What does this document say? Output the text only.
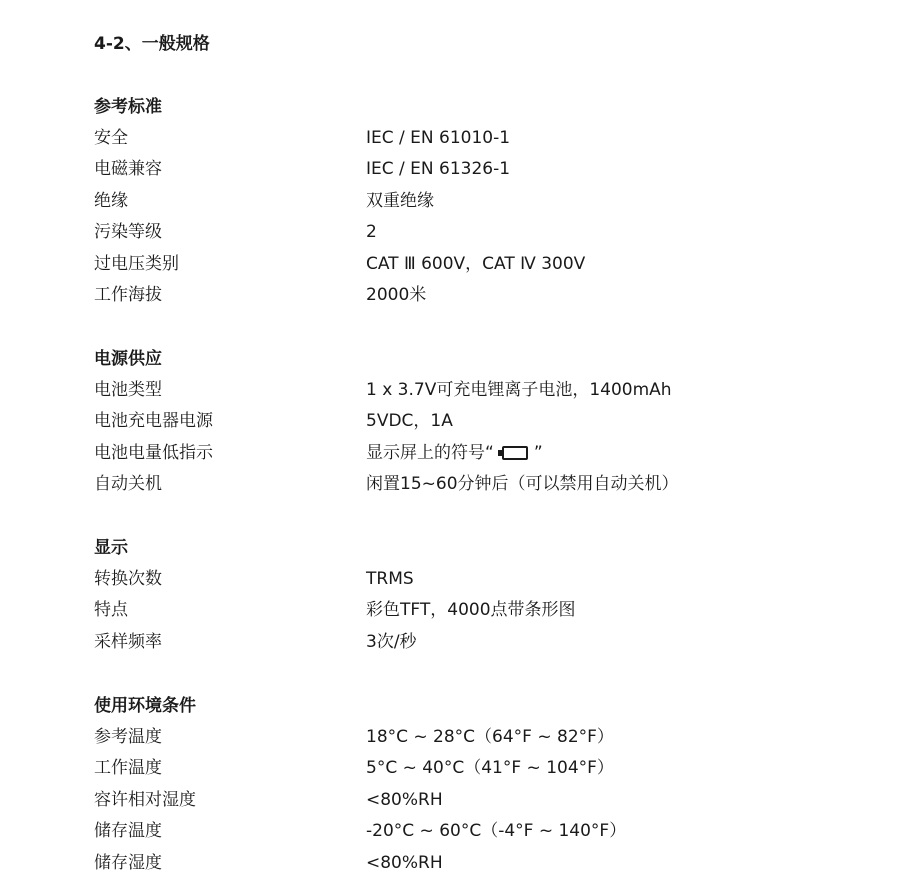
4-2、一般规格
参考标准
安全	IEC / EN 61010-1
电磁兼容	IEC / EN 61326-1
绝缘	双重绝缘
污染等级	2
过电压类别	CAT Ⅲ 600V，CAT Ⅳ 300V
工作海拔	2000米
电源供应
电池类型	1 x 3.7V可充电锂离子电池，1400mAh
电池充电器电源	5VDC，1A
电池电量低指示	显示屏上的符号“ ”
自动关机	闲置15~60分钟后（可以禁用自动关机）
显示
转换次数	TRMS
特点	彩色TFT，4000点带条形图
采样频率	3次/秒
使用环境条件
参考温度	18°C ~ 28°C（64°F ~ 82°F）
工作温度	5°C ~ 40°C（41°F ~ 104°F）
容许相对湿度	<80%RH
储存温度	-20°C ~ 60°C（-4°F ~ 140°F）
储存湿度	<80%RH
